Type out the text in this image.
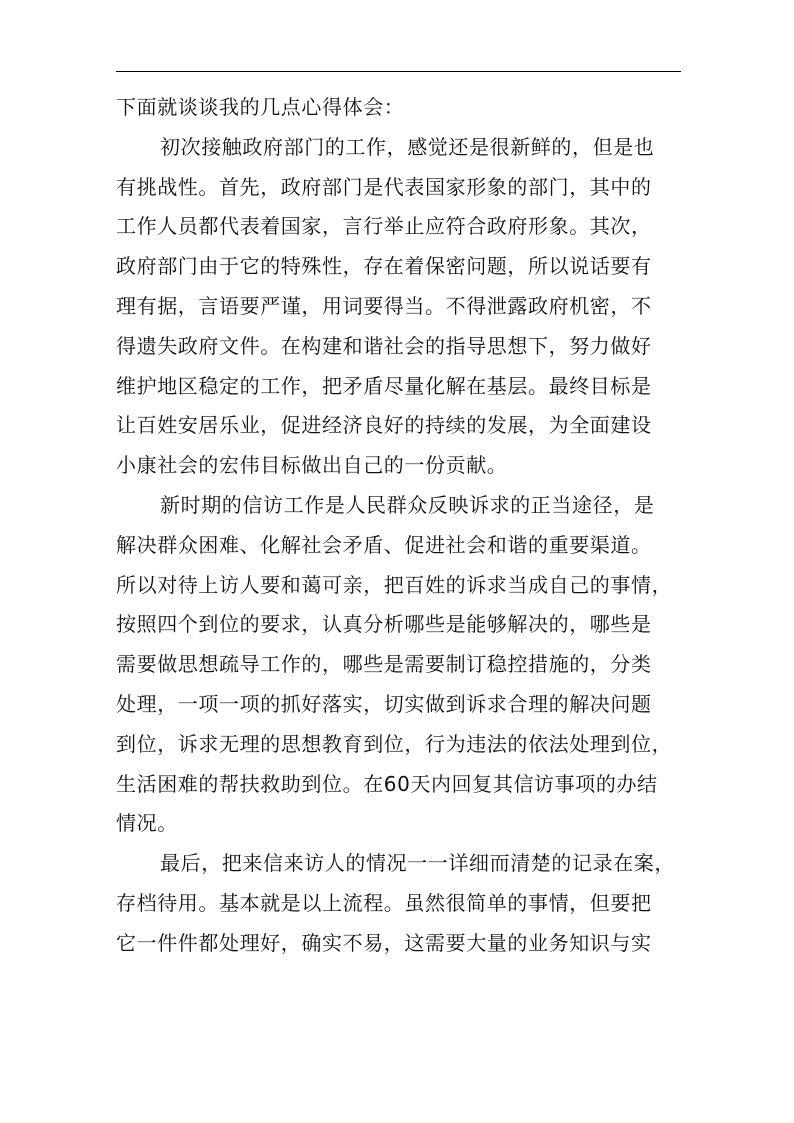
下面就谈谈我的几点心得体会：
初次接触政府部门的工作，感觉还是很新鲜的，但是也
有挑战性。首先，政府部门是代表国家形象的部门，其中的
工作人员都代表着国家，言行举止应符合政府形象。其次，
政府部门由于它的特殊性，存在着保密问题，所以说话要有
理有据，言语要严谨，用词要得当。不得泄露政府机密，不
得遗失政府文件。在构建和谐社会的指导思想下，努力做好
维护地区稳定的工作，把矛盾尽量化解在基层。最终目标是
让百姓安居乐业，促进经济良好的持续的发展，为全面建设
小康社会的宏伟目标做出自己的一份贡献。
新时期的信访工作是人民群众反映诉求的正当途径，是
解决群众困难、化解社会矛盾、促进社会和谐的重要渠道。
所以对待上访人要和蔼可亲，把百姓的诉求当成自己的事情，
按照四个到位的要求，认真分析哪些是能够解决的，哪些是
需要做思想疏导工作的，哪些是需要制订稳控措施的，分类
处理，一项一项的抓好落实，切实做到诉求合理的解决问题
到位，诉求无理的思想教育到位，行为违法的依法处理到位，
生活困难的帮扶救助到位。在60天内回复其信访事项的办结
情况。
最后，把来信来访人的情况一一详细而清楚的记录在案，
存档待用。基本就是以上流程。虽然很简单的事情，但要把
它一件件都处理好，确实不易，这需要大量的业务知识与实
